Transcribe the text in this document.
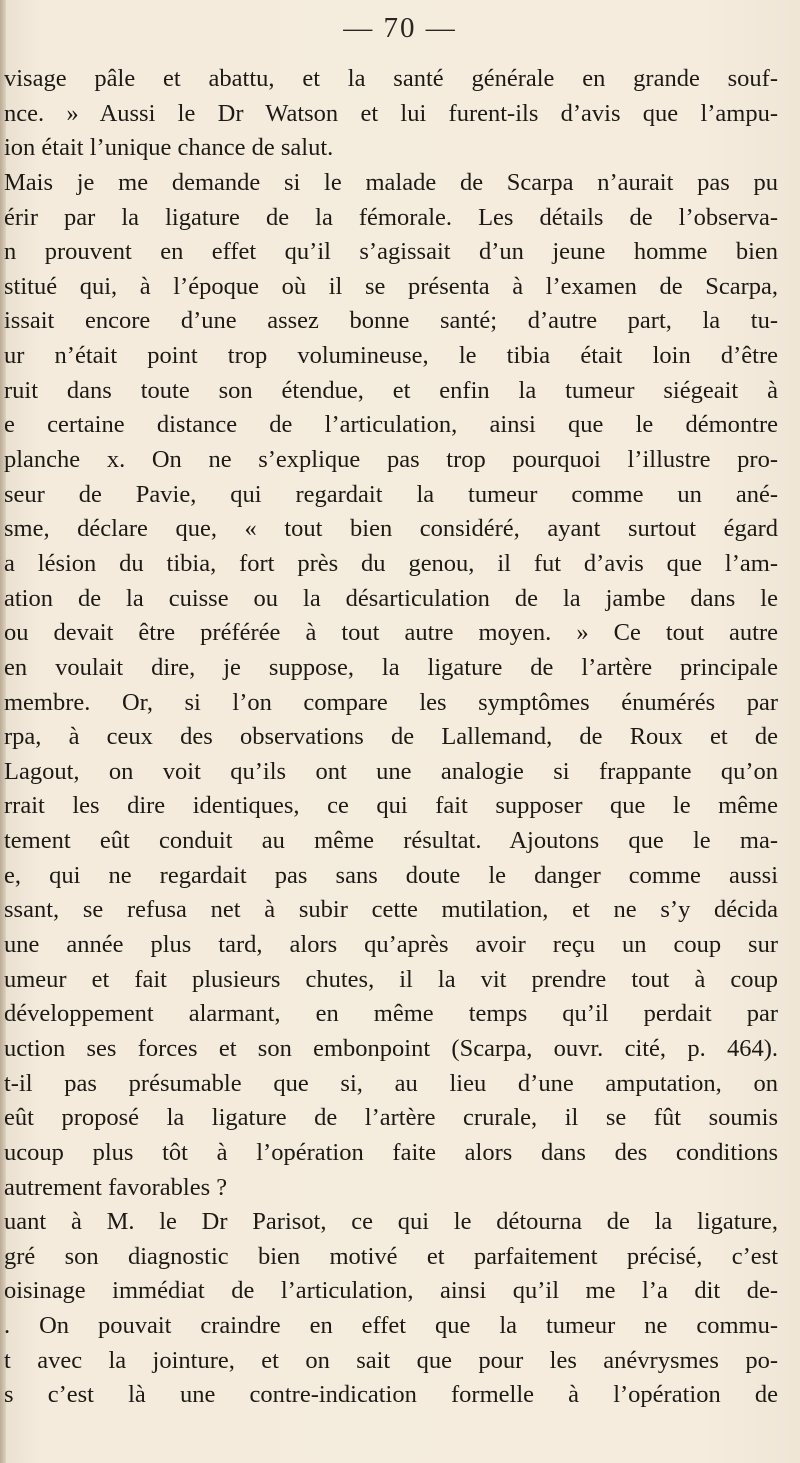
— 70 —
visage pâle et abattu, et la santé générale en grande souf-
nce. » Aussi le Dr Watson et lui furent-ils d’avis que l’ampu-
ion était l’unique chance de salut.
Mais je me demande si le malade de Scarpa n’aurait pas pu
érir par la ligature de la fémorale. Les détails de l’observa-
n prouvent en effet qu’il s’agissait d’un jeune homme bien
stitué qui, à l’époque où il se présenta à l’examen de Scarpa,
issait encore d’une assez bonne santé; d’autre part, la tu-
ur n’était point trop volumineuse, le tibia était loin d’être
ruit dans toute son étendue, et enfin la tumeur siégeait à
e certaine distance de l’articulation, ainsi que le démontre
planche x. On ne s’explique pas trop pourquoi l’illustre pro-
seur de Pavie, qui regardait la tumeur comme un ané-
sme, déclare que, « tout bien considéré, ayant surtout égard
a lésion du tibia, fort près du genou, il fut d’avis que l’am-
ation de la cuisse ou la désarticulation de la jambe dans le
ou devait être préférée à tout autre moyen. » Ce tout autre
en voulait dire, je suppose, la ligature de l’artère principale
membre. Or, si l’on compare les symptômes énumérés par
rpa, à ceux des observations de Lallemand, de Roux et de
Lagout, on voit qu’ils ont une analogie si frappante qu’on
rrait les dire identiques, ce qui fait supposer que le même
tement eût conduit au même résultat. Ajoutons que le ma-
e, qui ne regardait pas sans doute le danger comme aussi
ssant, se refusa net à subir cette mutilation, et ne s’y décida
une année plus tard, alors qu’après avoir reçu un coup sur
umeur et fait plusieurs chutes, il la vit prendre tout à coup
développement alarmant, en même temps qu’il perdait par
uction ses forces et son embonpoint (Scarpa, ouvr. cité, p. 464).
t-il pas présumable que si, au lieu d’une amputation, on
eût proposé la ligature de l’artère crurale, il se fût soumis
ucoup plus tôt à l’opération faite alors dans des conditions
autrement favorables ?
uant à M. le Dr Parisot, ce qui le détourna de la ligature,
gré son diagnostic bien motivé et parfaitement précisé, c’est
oisinage immédiat de l’articulation, ainsi qu’il me l’a dit de-
. On pouvait craindre en effet que la tumeur ne commu-
t avec la jointure, et on sait que pour les anévrysmes po-
s c’est là une contre-indication formelle à l’opération de
